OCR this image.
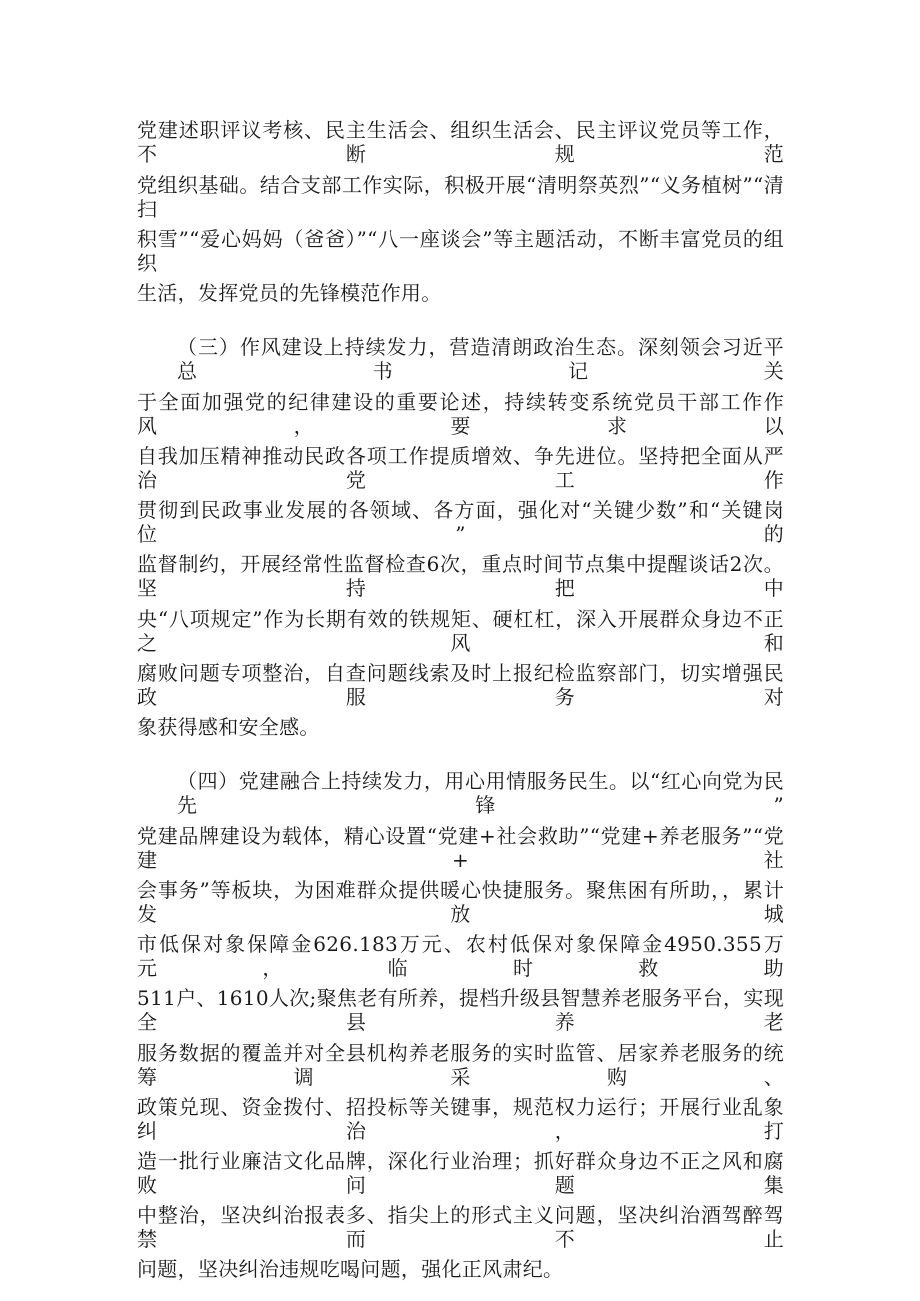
党建述职评议考核、民主生活会、组织生活会、民主评议党员等工作，不断规范

党组织基础。结合支部工作实际，积极开展“清明祭英烈”“义务植树”“清扫

积雪”“爱心妈妈（爸爸）”“八一座谈会”等主题活动，不断丰富党员的组织

生活，发挥党员的先锋模范作用。

（三）作风建设上持续发力，营造清朗政治生态。深刻领会习近平总书记关

于全面加强党的纪律建设的重要论述，持续转变系统党员干部工作作风，要求以

自我加压精神推动民政各项工作提质增效、争先进位。坚持把全面从严治党工作

贯彻到民政事业发展的各领域、各方面，强化对“关键少数”和“关键岗位”的

监督制约，开展经常性监督检查6次，重点时间节点集中提醒谈话2次。坚持把中

央“八项规定”作为长期有效的铁规矩、硬杠杠，深入开展群众身边不正之风和

腐败问题专项整治，自查问题线索及时上报纪检监察部门，切实增强民政服务对

象获得感和安全感。

（四）党建融合上持续发力，用心用情服务民生。以“红心向党为民先锋”

党建品牌建设为载体，精心设置“党建+社会救助”“党建+养老服务”“党建+社

会事务”等板块，为困难群众提供暖心快捷服务。聚焦困有所助，，累计发放城

市低保对象保障金626.183万元、农村低保对象保障金4950.355万元，临时救助

511户、1610人次;聚焦老有所养，提档升级县智慧养老服务平台，实现全县养老

服务数据的覆盖并对全县机构养老服务的实时监管、居家养老服务的统筹调采购、

政策兑现、资金拨付、招投标等关键事，规范权力运行；开展行业乱象纠治，打

造一批行业廉洁文化品牌，深化行业治理；抓好群众身边不正之风和腐败问题集

中整治，坚决纠治报表多、指尖上的形式主义问题，坚决纠治酒驾醉驾禁而不止

问题，坚决纠治违规吃喝问题，强化正风肃纪。
